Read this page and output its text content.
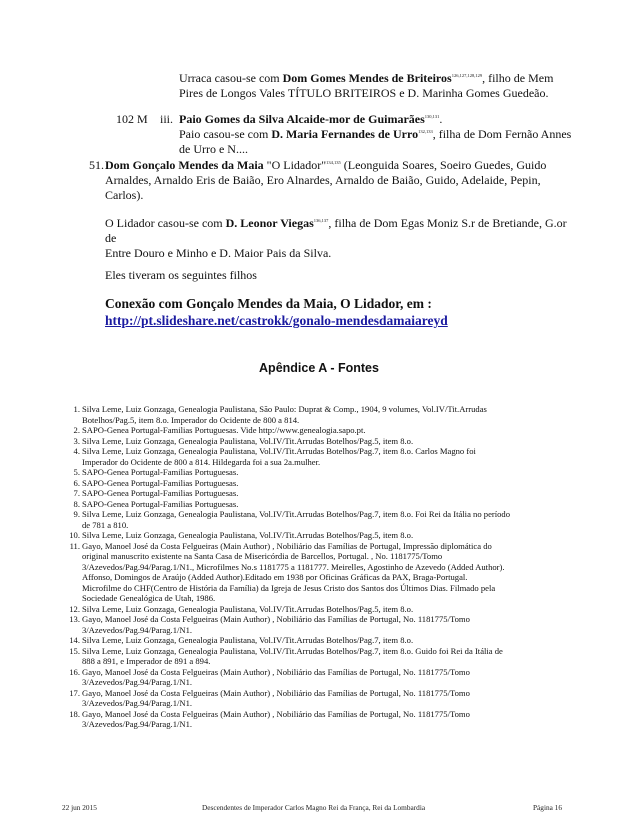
Urraca casou-se com Dom Gomes Mendes de Briteiros$^{126,127,128,129}$, filho de Mem
Pires de Longos Vales TÍTULO BRITEIROS e D. Marinha Gomes Guedeão.
102 M iii. Paio Gomes da Silva Alcaide-mor de Guimarães$^{130,131}$.
Paio casou-se com D. Maria Fernandes de Urro$^{132,133}$, filha de Dom Fernão Annes
de Urro e N....
51. Dom Gonçalo Mendes da Maia "O Lidador"$^{134,135}$ (Leonguida Soares, Soeiro Guedes, Guido
Arnaldes, Arnaldo Eris de Baião, Ero Alnardes, Arnaldo de Baião, Guido, Adelaide, Pepin,
Carlos).
O Lidador casou-se com D. Leonor Viegas$^{136,137}$, filha de Dom Egas Moniz S.r de Bretiande, G.or de
Entre Douro e Minho e D. Maior Pais da Silva.
Eles tiveram os seguintes filhos
Conexão com Gonçalo Mendes da Maia, O Lidador, em :
http://pt.slideshare.net/castrokk/gonalo-mendesdamaiareyd
Apêndice A - Fontes
1. Silva Leme, Luiz Gonzaga, Genealogia Paulistana, São Paulo: Duprat & Comp., 1904, 9 volumes, Vol.IV/Tit.Arrudas
Botelhos/Pag.5, item 8.o. Imperador do Ocidente de 800 a 814.
2. SAPO-Genea Portugal-Familias Portuguesas. Vide http://www.genealogia.sapo.pt.
3. Silva Leme, Luiz Gonzaga, Genealogia Paulistana, Vol.IV/Tit.Arrudas Botelhos/Pag.5, item 8.o.
4. Silva Leme, Luiz Gonzaga, Genealogia Paulistana, Vol.IV/Tit.Arrudas Botelhos/Pag.7, item 8.o. Carlos Magno foi
Imperador do Ocidente de 800 a 814. Hildegarda foi a sua 2a.mulher.
5. SAPO-Genea Portugal-Familias Portuguesas.
6. SAPO-Genea Portugal-Familias Portuguesas.
7. SAPO-Genea Portugal-Familias Portuguesas.
8. SAPO-Genea Portugal-Familias Portuguesas.
9. Silva Leme, Luiz Gonzaga, Genealogia Paulistana, Vol.IV/Tit.Arrudas Botelhos/Pag.7, item 8.o. Foi Rei da Itália no período
de 781 a 810.
10. Silva Leme, Luiz Gonzaga, Genealogia Paulistana, Vol.IV/Tit.Arrudas Botelhos/Pag.5, item 8.o.
11. Gayo, Manoel José da Costa Felgueiras (Main Author) , Nobiliário das Famílias de Portugal, Impressão diplomática do
original manuscrito existente na Santa Casa de Misericórdia de Barcellos, Portugal. , No. 1181775/Tomo
3/Azevedos/Pag.94/Parag.1/N1., Microfilmes No.s 1181775 a 1181777. Meirelles, Agostinho de Azevedo (Added Author).
Affonso, Domingos de Araújo (Added Author).Editado em 1938 por Oficinas Gráficas da PAX, Braga-Portugal.
Microfilme do CHF(Centro de História da Família) da Igreja de Jesus Cristo dos Santos dos Últimos Dias. Filmado pela
Sociedade Genealógica de Utah, 1986.
12. Silva Leme, Luiz Gonzaga, Genealogia Paulistana, Vol.IV/Tit.Arrudas Botelhos/Pag.5, item 8.o.
13. Gayo, Manoel José da Costa Felgueiras (Main Author) , Nobiliário das Famílias de Portugal, No. 1181775/Tomo
3/Azevedos/Pag.94/Parag.1/N1.
14. Silva Leme, Luiz Gonzaga, Genealogia Paulistana, Vol.IV/Tit.Arrudas Botelhos/Pag.7, item 8.o.
15. Silva Leme, Luiz Gonzaga, Genealogia Paulistana, Vol.IV/Tit.Arrudas Botelhos/Pag.7, item 8.o. Guido foi Rei da Itália de
888 a 891, e Imperador de 891 a 894.
16. Gayo, Manoel José da Costa Felgueiras (Main Author) , Nobiliário das Famílias de Portugal, No. 1181775/Tomo
3/Azevedos/Pag.94/Parag.1/N1.
17. Gayo, Manoel José da Costa Felgueiras (Main Author) , Nobiliário das Famílias de Portugal, No. 1181775/Tomo
3/Azevedos/Pag.94/Parag.1/N1.
18. Gayo, Manoel José da Costa Felgueiras (Main Author) , Nobiliário das Famílias de Portugal, No. 1181775/Tomo
3/Azevedos/Pag.94/Parag.1/N1.
22 jun 2015	Descendentes de Imperador Carlos Magno Rei da França, Rei da Lombardia	Página 16
